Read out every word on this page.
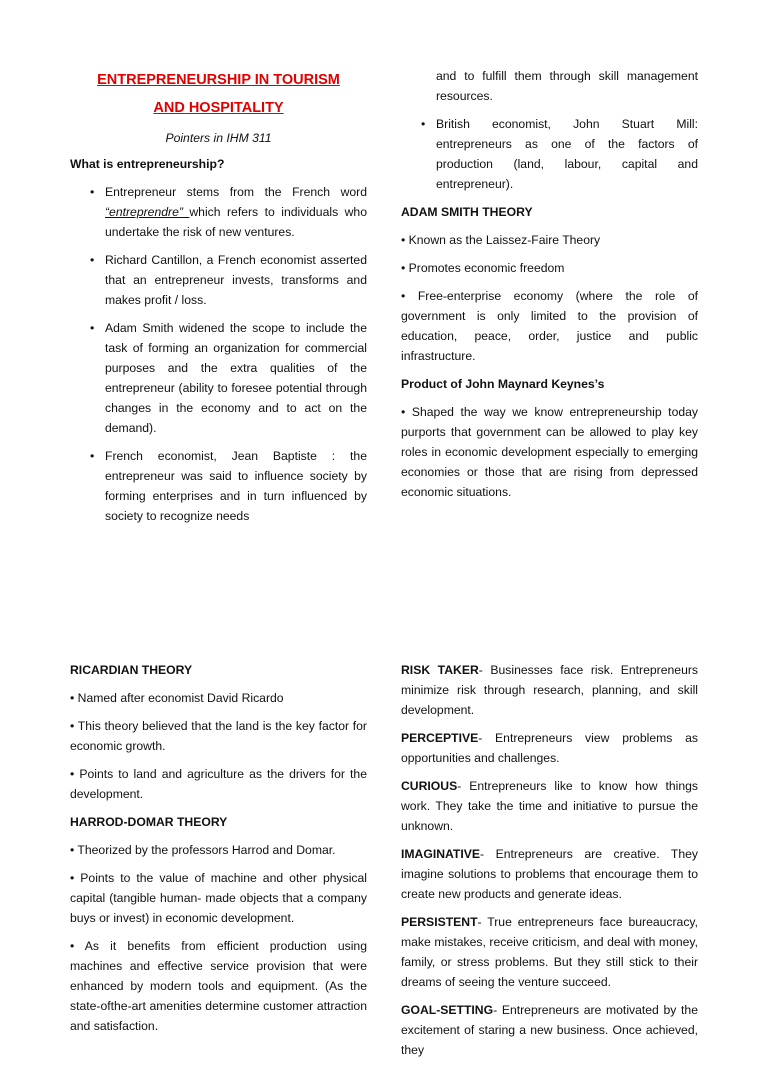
ENTREPRENEURSHIP IN TOURISM
AND HOSPITALITY

Pointers in IHM 311

What is entrepreneurship?

• Entrepreneur stems from the French word “entreprendre” which refers to individuals who undertake the risk of new ventures.
• Richard Cantillon, a French economist asserted that an entrepreneur invests, transforms and makes profit / loss.
• Adam Smith widened the scope to include the task of forming an organization for commercial purposes and the extra qualities of the entrepreneur (ability to foresee potential through changes in the economy and to act on the demand).
• French economist, Jean Baptiste : the entrepreneur was said to influence society by forming enterprises and in turn influenced by society to recognize needs

and to fulfill them through skill management resources.

• British economist, John Stuart Mill: entrepreneurs as one of the factors of production (land, labour, capital and entrepreneur).

ADAM SMITH THEORY

• Known as the Laissez-Faire Theory

• Promotes economic freedom

• Free-enterprise economy (where the role of government is only limited to the provision of education, peace, order, justice and public infrastructure.

Product of John Maynard Keynes’s

• Shaped the way we know entrepreneurship today purports that government can be allowed to play key roles in economic development especially to emerging economies or those that are rising from depressed economic situations.

RICARDIAN THEORY

• Named after economist David Ricardo

• This theory believed that the land is the key factor for economic growth.

• Points to land and agriculture as the drivers for the development.

HARROD-DOMAR THEORY

• Theorized by the professors Harrod and Domar.

• Points to the value of machine and other physical capital (tangible human- made objects that a company buys or invest) in economic development.

• As it benefits from efficient production using machines and effective service provision that were enhanced by modern tools and equipment. (As the state-ofthe-art amenities determine customer attraction and satisfaction.

RISK TAKER- Businesses face risk. Entrepreneurs minimize risk through research, planning, and skill development.

PERCEPTIVE- Entrepreneurs view problems as opportunities and challenges.

CURIOUS- Entrepreneurs like to know how things work. They take the time and initiative to pursue the unknown.

IMAGINATIVE- Entrepreneurs are creative. They imagine solutions to problems that encourage them to create new products and generate ideas.

PERSISTENT- True entrepreneurs face bureaucracy, make mistakes, receive criticism, and deal with money, family, or stress problems. But they still stick to their dreams of seeing the venture succeed.

GOAL-SETTING- Entrepreneurs are motivated by the excitement of staring a new business. Once achieved, they
